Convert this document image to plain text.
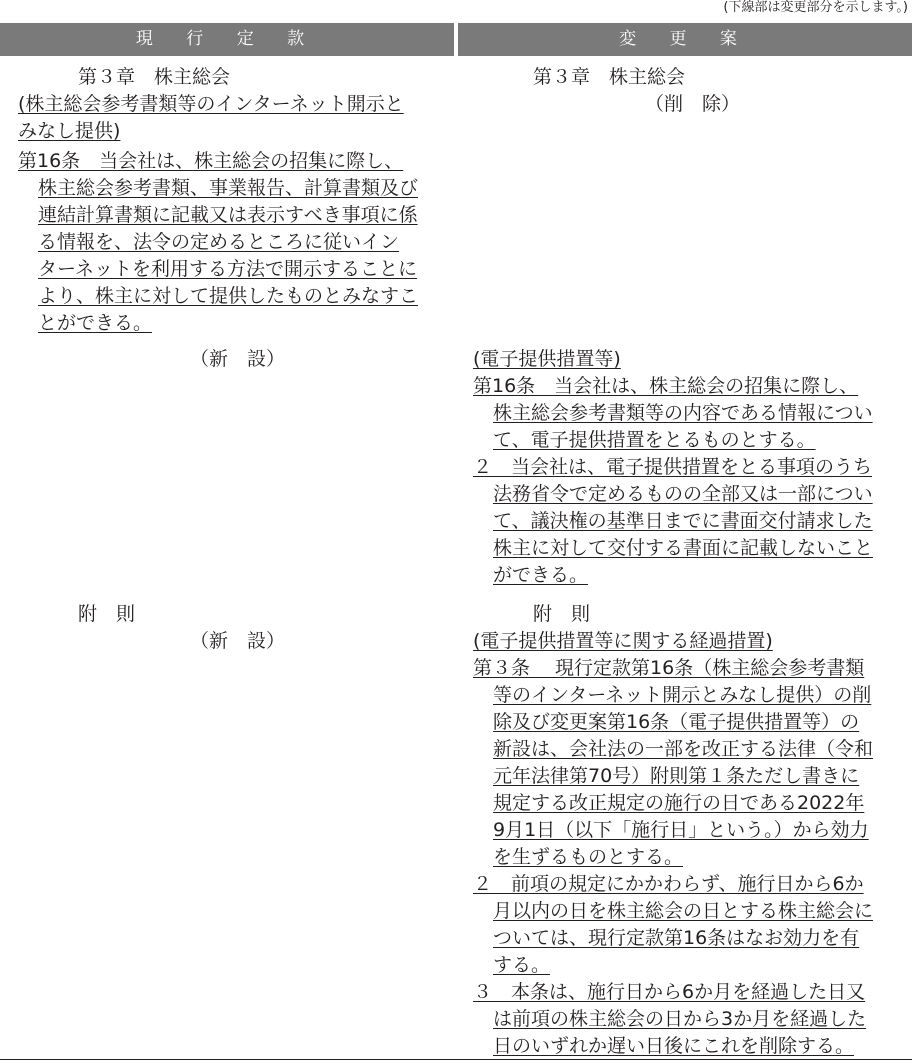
(下線部は変更部分を示します。)
現 行 定 款	変 更 案
第３章　株主総会
(株主総会参考書類等のインターネット開示と
みなし提供)
第16条　当会社は、株主総会の招集に際し、
株主総会参考書類、事業報告、計算書類及び
連結計算書類に記載又は表示すべき事項に係
る情報を、法令の定めるところに従いイン
ターネットを利用する方法で開示することに
より、株主に対して提供したものとみなすこ
とができる。
（新　設）
附　則
（新　設）
第３章　株主総会
（削　除）
(電子提供措置等)
第16条　当会社は、株主総会の招集に際し、
株主総会参考書類等の内容である情報につい
て、電子提供措置をとるものとする。
２　当会社は、電子提供措置をとる事項のうち
法務省令で定めるものの全部又は一部につい
て、議決権の基準日までに書面交付請求した
株主に対して交付する書面に記載しないこと
ができる。
附　則
(電子提供措置等に関する経過措置)
第３条　 現行定款第16条（株主総会参考書類
等のインターネット開示とみなし提供）の削
除及び変更案第16条（電子提供措置等）の
新設は、会社法の一部を改正する法律（令和
元年法律第70号）附則第１条ただし書きに
規定する改正規定の施行の日である2022年
9月1日（以下「施行日」という。）から効力
を生ずるものとする。
２　前項の規定にかかわらず、施行日から6か
月以内の日を株主総会の日とする株主総会に
ついては、現行定款第16条はなお効力を有
する。
３　本条は、施行日から6か月を経過した日又
は前項の株主総会の日から3か月を経過した
日のいずれか遅い日後にこれを削除する。
